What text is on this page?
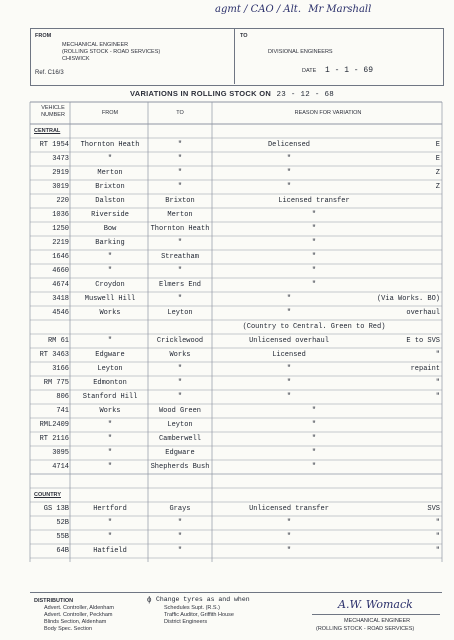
agmt / CAO / Alt. Mr Marshall
FROM
MECHANICAL ENGINEER
(ROLLING STOCK - ROAD SERVICES)
CHISWICK
Ref. C16/3
TO
DIVISIONAL ENGINEERS
DATE 1 - 1 - 69
VARIATIONS IN ROLLING STOCK ON 23 - 12 - 68
VEHICLE NUMBER	FROM	TO	REASON FOR VARIATION
CENTRAL
RT 1954	Thornton Heath	"	Delicensed	E
3473	"	"	"	E
2919	Merton	"	"	Z
3019	Brixton	"	"	Z
220	Dalston	Brixton	Licensed transfer
1036	Riverside	Merton	"
1250	Bow	Thornton Heath	"
2219	Barking	"	"
1646	"	Streatham	"
4660	"	"	"
4674	Croydon	Elmers End	"
3418	Muswell Hill	"	"	(Via Works. BO)
4546	Works	Leyton	"	overhaul
(Country to Central. Green to Red)
RM 61	"	Cricklewood	Unlicensed overhaul	E to SVS
RT 3463	Edgware	Works	Licensed	"
3166	Leyton	"	"	repaint
RM 775	Edmonton	"	"	"
806	Stanford Hill	"	"	"
741	Works	Wood Green	"
RML2409	"	Leyton	"
RT 2116	"	Camberwell	"
3095	"	Edgware	"
4714	"	Shepherds Bush	"
COUNTRY
GS 13B	Hertford	Grays	Unlicensed transfer	SVS
52B	"	"	"	"
55B	"	"	"	"
64B	Hatfield	"	"	"
DISTRIBUTION
Advert. Controller, Aldenham
Advert. Controller, Peckham
Blinds Section, Aldenham
Body Spec. Section
ɸ Change tyres as and when
Schedules Supt. (R.S.)
Traffic Auditor, Griffith House
District Engineers
A.W. Womack
MECHANICAL ENGINEER
(ROLLING STOCK - ROAD SERVICES)
